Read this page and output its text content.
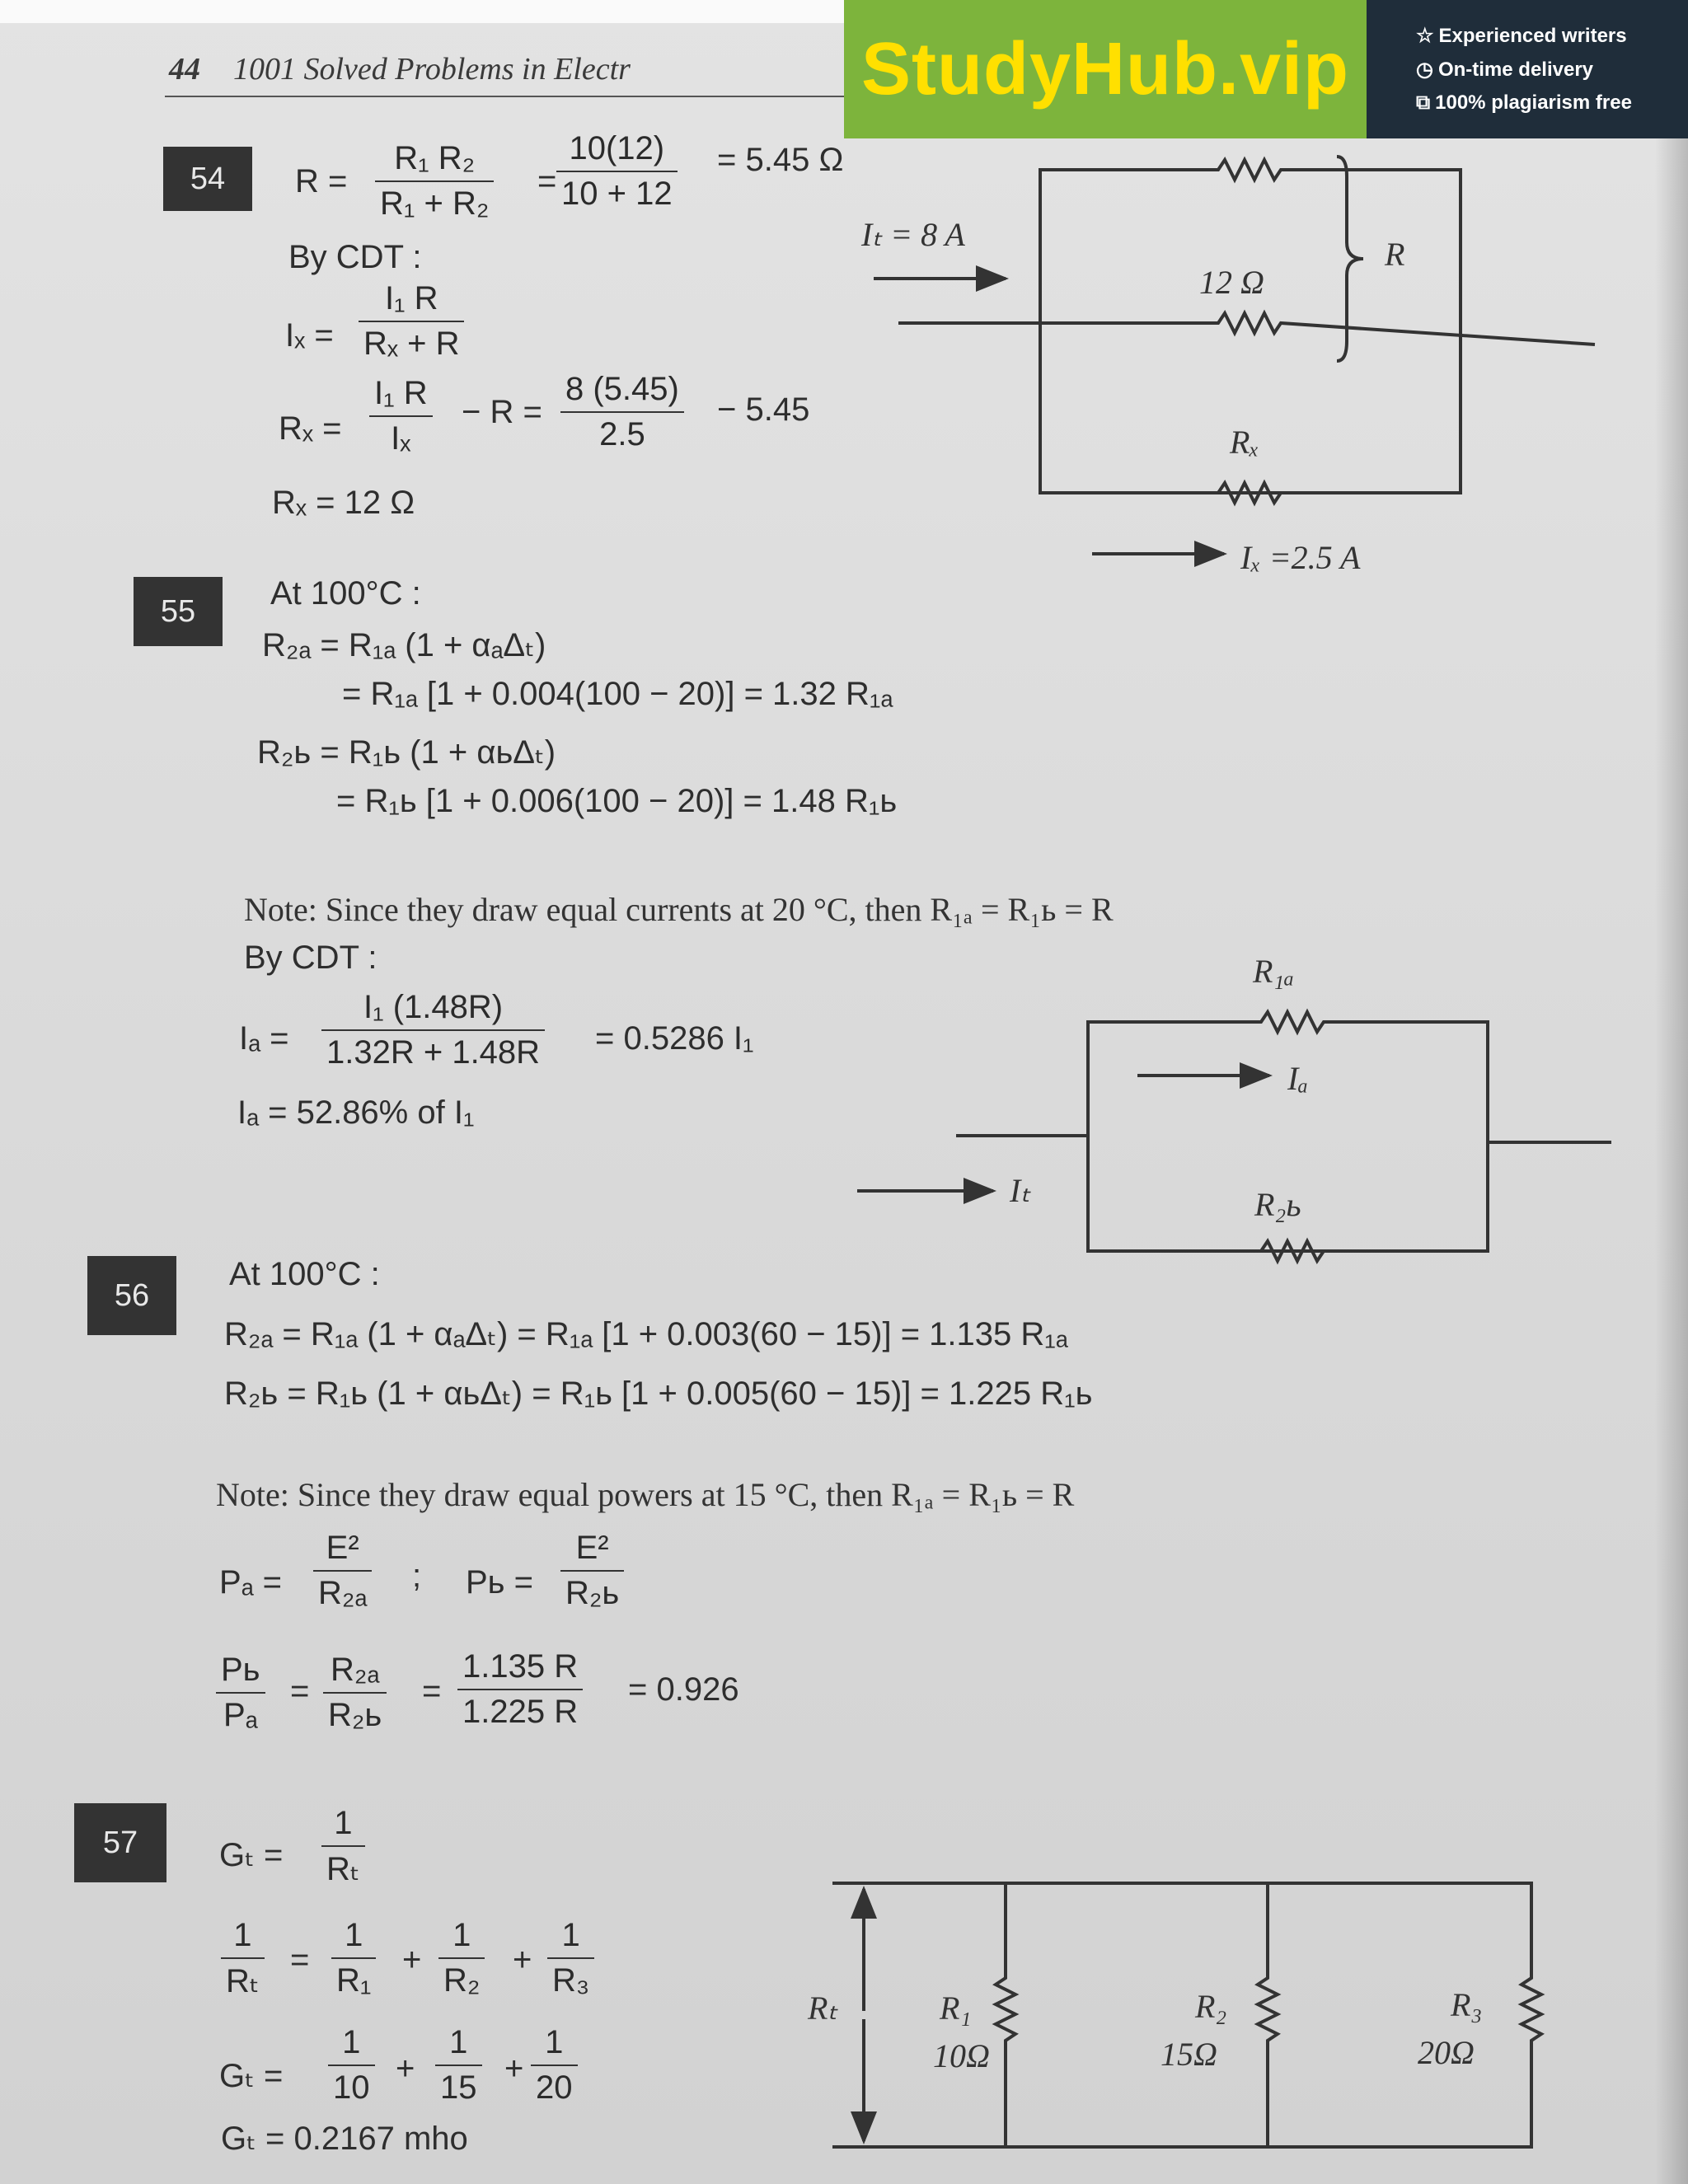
44 1001 Solved Problems in Electr	StudyHub.vip	☆ Experienced writers
◷ On-time delivery
⧉ 100% plagiarism free
54	R =
R₁ R₂
R₁ + R₂
=
10(12)
10 + 12
= 5.45 Ω
By CDT :
Iₓ =
I₁ R
Rₓ + R
Rₓ =
I₁ R
Iₓ
− R =
8 (5.45)
2.5
− 5.45
Rₓ = 12 Ω
55	At 100°C :
R₂ₐ = R₁ₐ (1 + αₐΔₜ)
= R₁ₐ [1 + 0.004(100 − 20)] = 1.32 R₁ₐ
R₂ь = R₁ь (1 + αьΔₜ)
= R₁ь [1 + 0.006(100 − 20)] = 1.48 R₁ь
Note: Since they draw equal currents at 20 °C, then R₁ₐ = R₁ь = R
By CDT :
Iₐ =
I₁ (1.48R)
1.32R + 1.48R = 0.5286 I₁
Iₐ = 52.86% of I₁
56
At 100°C :
R₂ₐ = R₁ₐ (1 + αₐΔₜ) = R₁ₐ [1 + 0.003(60 − 15)] = 1.135 R₁ₐ
R₂ь = R₁ь (1 + αьΔₜ) = R₁ь [1 + 0.005(60 − 15)] = 1.225 R₁ь
Note: Since they draw equal powers at 15 °C, then R₁ₐ = R₁ь = R
Pₐ =
E²
R₂ₐ ; Pь =
E²
R₂ь
Pь
Pₐ
=
R₂ₐ
R₂ь
=
1.135 R
1.225 R
= 0.926
57	Gₜ =
1
Rₜ
1
Rₜ
=
1
R₁
+
1
R₂
+
1
R₃
Gₜ =
1
10
+
1
15
+
1
20
Gₜ = 0.2167 mho
Iₜ = 8 A
12 Ω
R
Rₓ
Iₓ =2.5 A
R₁ₐ
Iₐ
Iₜ	R₂ь
Rₜ	R₁
10Ω
R₂
15Ω
R₃
20Ω
